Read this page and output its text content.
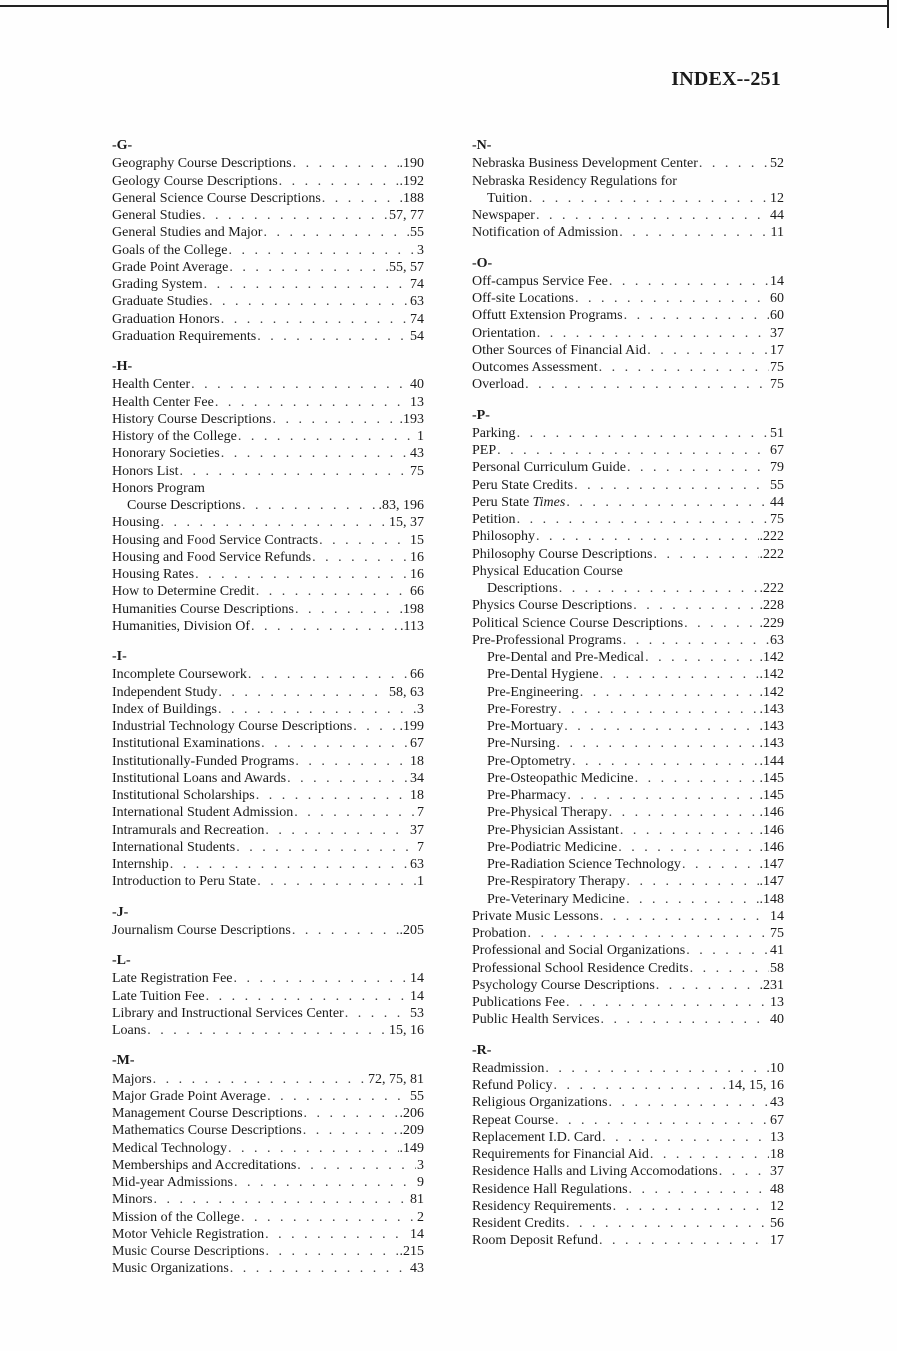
INDEX--251
-G-
Geography Course Descriptions . . .	.190
Geology Course Descriptions . . .	.192
General Science Course Descriptions . . .	.188
General Studies . . .	57, 77
General Studies and Major . . .	55
Goals of the College . . .	3
Grade Point Average . . .	55, 57
Grading System . . .	74
Graduate Studies . . .	63
Graduation Honors . . .	74
Graduation Requirements . . .	54
-H-
Health Center . . .	40
Health Center Fee . . .	13
History Course Descriptions . . .	.193
History of the College . . .	1
Honorary Societies . . .	43
Honors List . . .	75
Honors Program
Course Descriptions . . .	.83, 196
Housing . . .	15, 37
Housing and Food Service Contracts . . .	15
Housing and Food Service Refunds . . .	16
Housing Rates . . .	16
How to Determine Credit . . .	66
Humanities Course Descriptions . . .	.198
Humanities, Division Of . . .	.113
-I-
Incomplete Coursework . . .	66
Independent Study . . .	58, 63
Index of Buildings . . .	3
Industrial Technology Course Descriptions . . .	.199
Institutional Examinations . . .	67
Institutionally-Funded Programs . . .	18
Institutional Loans and Awards . . .	34
Institutional Scholarships . . .	18
International Student Admission . . .	7
Intramurals and Recreation . . .	37
International Students . . .	7
Internship . . .	63
Introduction to Peru State . . .	1
-J-
Journalism Course Descriptions . . .	.205
-L-
Late Registration Fee . . .	14
Late Tuition Fee . . .	14
Library and Instructional Services Center . . .	53
Loans . . .	15, 16
-M-
Majors . . .	72, 75, 81
Major Grade Point Average . . .	55
Management Course Descriptions . . .	.206
Mathematics Course Descriptions . . .	.209
Medical Technology . . .	.149
Memberships and Accreditations . . .	3
Mid-year Admissions . . .	9
Minors . . .	81
Mission of the College . . .	2
Motor Vehicle Registration . . .	14
Music Course Descriptions . . .	.215
Music Organizations . . .	43
-N-
Nebraska Business Development Center . . .	52
Nebraska Residency Regulations for
Tuition . . .	12
Newspaper . . .	44
Notification of Admission . . .	11
-O-
Off-campus Service Fee . . .	14
Off-site Locations . . .	60
Offutt Extension Programs . . .	60
Orientation . . .	37
Other Sources of Financial Aid . . .	17
Outcomes Assessment . . .	75
Overload . . .	75
-P-
Parking . . .	51
PEP . . .	67
Personal Curriculum Guide . . .	79
Peru State Credits . . .	55
Peru State Times . . .	44
Petition . . .	75
Philosophy . . .	.222
Philosophy Course Descriptions . . .	.222
Physical Education Course
Descriptions . . .	.222
Physics Course Descriptions . . .	.228
Political Science Course Descriptions . . .	.229
Pre-Professional Programs . . .	63
Pre-Dental and Pre-Medical . . .	.142
Pre-Dental Hygiene . . .	.142
Pre-Engineering . . .	.142
Pre-Forestry . . .	.143
Pre-Mortuary . . .	.143
Pre-Nursing . . .	.143
Pre-Optometry . . .	.144
Pre-Osteopathic Medicine . . .	.145
Pre-Pharmacy . . .	.145
Pre-Physical Therapy . . .	.146
Pre-Physician Assistant . . .	.146
Pre-Podiatric Medicine . . .	.146
Pre-Radiation Science Technology . . .	.147
Pre-Respiratory Therapy . . .	.147
Pre-Veterinary Medicine . . .	.148
Private Music Lessons . . .	14
Probation . . .	75
Professional and Social Organizations . . .	41
Professional School Residence Credits . . .	58
Psychology Course Descriptions . . .	.231
Publications Fee . . .	13
Public Health Services . . .	40
-R-
Readmission . . .	10
Refund Policy . . .	14, 15, 16
Religious Organizations . . .	43
Repeat Course . . .	67
Replacement I.D. Card . . .	13
Requirements for Financial Aid . . .	18
Residence Halls and Living Accomodations . . .	37
Residence Hall Regulations . . .	48
Residency Requirements . . .	12
Resident Credits . . .	56
Room Deposit Refund . . .	17
